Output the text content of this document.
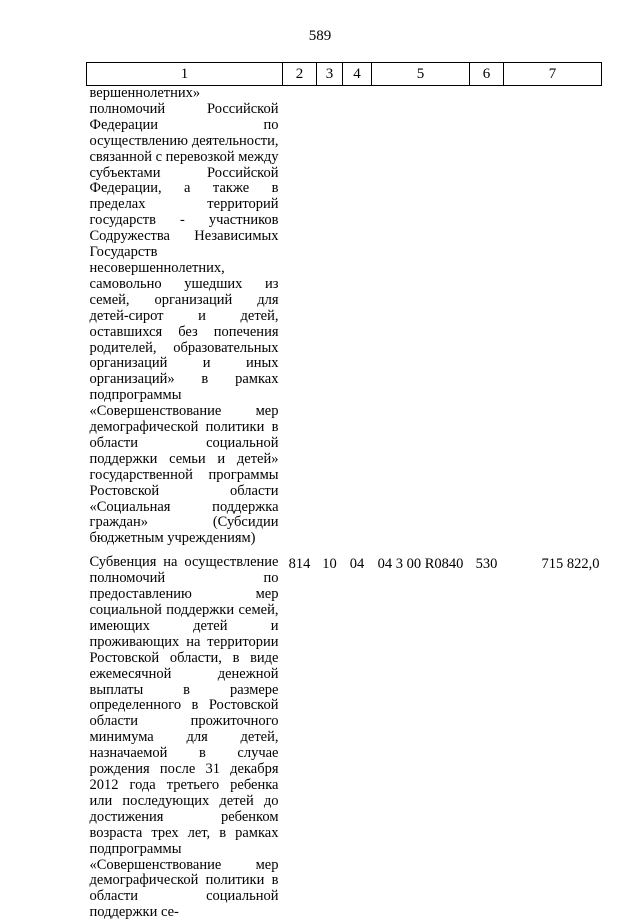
589
1	2	3	4	5	6	7
вершеннолетних» полномочий Российской Федерации по осуществлению деятельности, связанной с перевозкой между субъектами Российской Федерации, а также в пределах территорий государств - участников Содружества Независимых Государств несовершеннолетних, самовольно ушедших из семей, организаций для детей-сирот и детей, оставшихся без попечения родителей, образовательных организаций и иных организаций» в рамках подпрограммы «Совершенствование мер демографической политики в области социальной поддержки семьи и детей» государственной программы Ростовской области «Социальная поддержка граждан» (Субсидии бюджетным учреждениям)						

Субвенция на осуществление полномочий по предоставлению мер социальной поддержки семей, имеющих детей и проживающих на территории Ростовской области, в виде ежемесячной денежной выплаты в размере определенного в Ростовской области прожиточного минимума для детей, назначаемой в случае рождения после 31 декабря 2012 года третьего ребенка или последующих детей до достижения ребенком возраста трех лет, в рамках подпрограммы «Совершенствование мер демографической политики в области социальной поддержки се-	814	10	04	04 3 00 R0840	530	715 822,0
